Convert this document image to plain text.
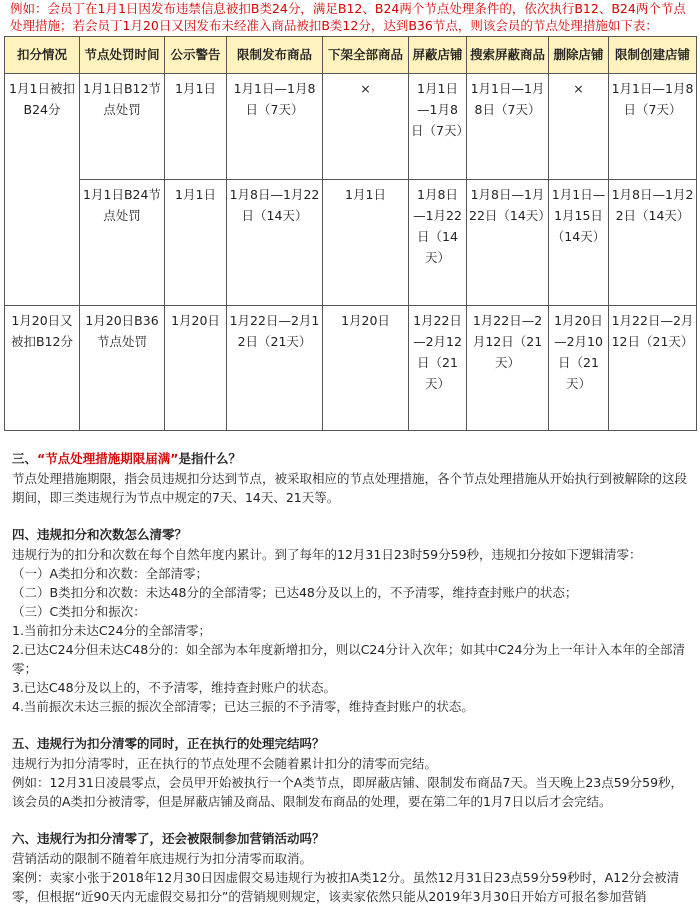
例如：会员丁在1月1日因发布违禁信息被扣B类24分，满足B12、B24两个节点处理条件的，依次执行B12、B24两个节点处理措施；若会员丁1月20日又因发布未经准入商品被扣B类12分，达到B36节点，则该会员的节点处理措施如下表：
扣分情况	节点处罚时间	公示警告	限制发布商品	下架全部商品	屏蔽店铺	搜索屏蔽商品	删除店铺	限制创建店铺
1月1日被扣B24分	1月1日B12节点处罚	1月1日	1月1日—1月8日（7天）	×	1月1日—1月8日（7天）	1月1日—1月8日（7天）	×	1月1日—1月8日（7天）
	1月1日B24节点处罚	1月1日	1月8日—1月22日（14天）	1月1日	1月8日—1月22日（14天）	1月8日—1月22日（14天）	1月1日—1月15日（14天）	1月8日—1月22日（14天）
1月20日又被扣B12分	1月20日B36节点处罚	1月20日	1月22日—2月12日（21天）	1月20日	1月22日—2月12日（21天）	1月22日—2月12日（21天）	1月20日—2月10日（21天）	1月22日—2月12日（21天）
三、“节点处理措施期限届满”是指什么？
节点处理措施期限，指会员违规扣分达到节点，被采取相应的节点处理措施，各个节点处理措施从开始执行到被解除的这段期间，即三类违规行为节点中规定的7天、14天、21天等。
四、违规扣分和次数怎么清零？
违规行为的扣分和次数在每个自然年度内累计。到了每年的12月31日23时59分59秒，违规扣分按如下逻辑清零：
（一）A类扣分和次数：全部清零；
（二）B类扣分和次数：未达48分的全部清零；已达48分及以上的，不予清零，维持查封账户的状态；
（三）C类扣分和振次：
1.当前扣分未达C24分的全部清零；
2.已达C24分但未达C48分的：如全部为本年度新增扣分，则以C24分计入次年；如其中C24分为上一年计入本年的全部清零；
3.已达C48分及以上的，不予清零，维持查封账户的状态。
4.当前振次未达三振的振次全部清零；已达三振的不予清零，维持查封账户的状态。
五、违规行为扣分清零的同时，正在执行的处理完结吗？
违规行为扣分清零时，正在执行的节点处理不会随着累计扣分的清零而完结。
例如：12月31日凌晨零点，会员甲开始被执行一个A类节点，即屏蔽店铺、限制发布商品7天。当天晚上23点59分59秒，该会员的A类扣分被清零，但是屏蔽店铺及商品、限制发布商品的处理，要在第二年的1月7日以后才会完结。
六、违规行为扣分清零了，还会被限制参加营销活动吗？
营销活动的限制不随着年底违规行为扣分清零而取消。
案例：卖家小张于2018年12月30日因虚假交易违规行为被扣A类12分。虽然12月31日23点59分59秒时，A12分会被清零，但根据“近90天内无虚假交易扣分”的营销规则规定，该卖家依然只能从2019年3月30日开始方可报名参加营销
